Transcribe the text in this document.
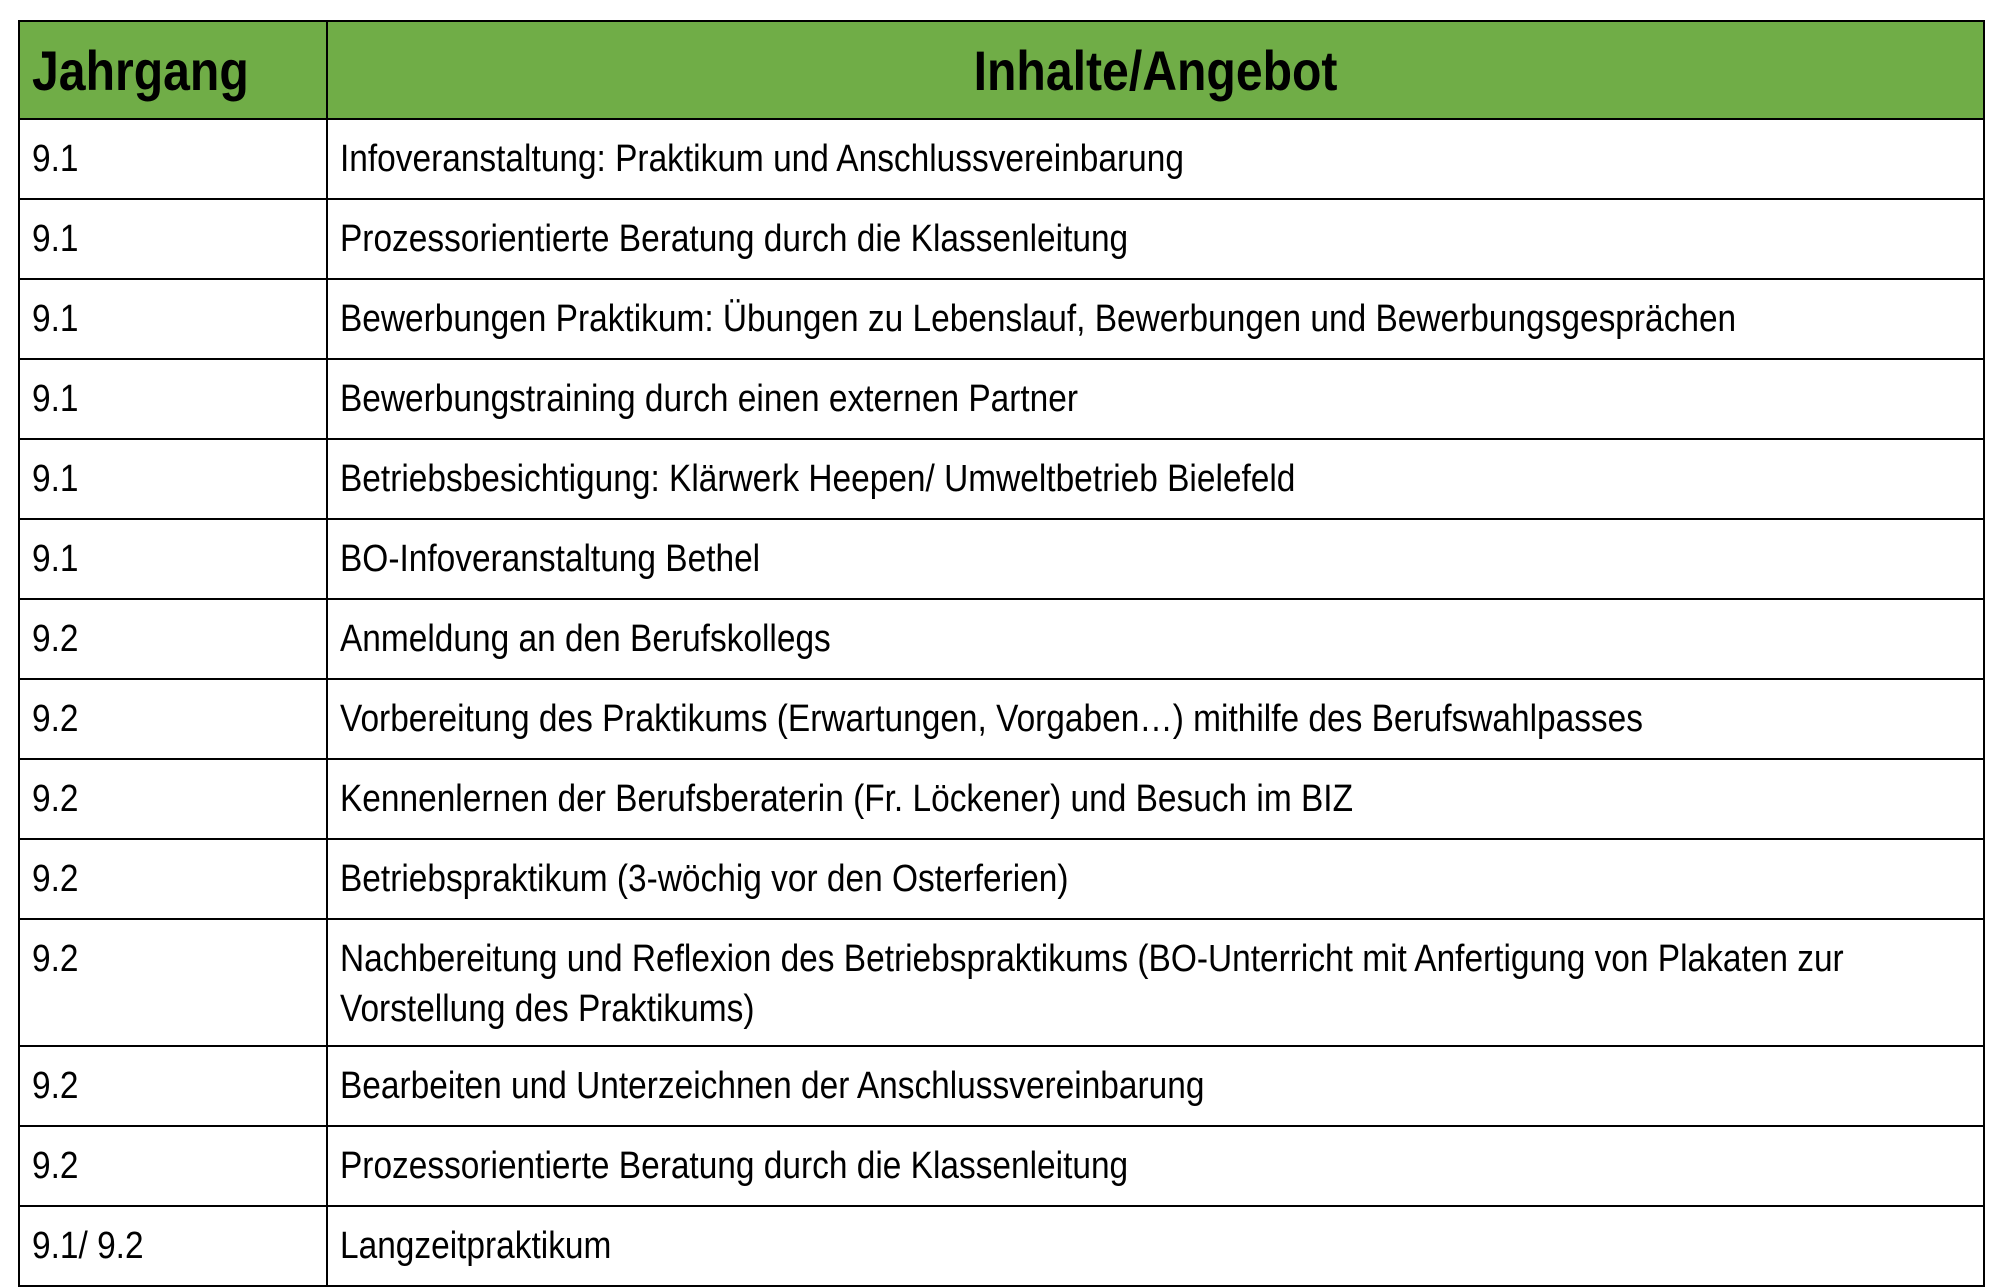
Jahrgang	Inhalte/Angebot
9.1	Infoveranstaltung: Praktikum und Anschlussvereinbarung
9.1	Prozessorientierte Beratung durch die Klassenleitung
9.1	Bewerbungen Praktikum: Übungen zu Lebenslauf, Bewerbungen und Bewerbungsgesprächen
9.1	Bewerbungstraining durch einen externen Partner
9.1	Betriebsbesichtigung: Klärwerk Heepen/ Umweltbetrieb Bielefeld
9.1	BO-Infoveranstaltung Bethel
9.2	Anmeldung an den Berufskollegs
9.2	Vorbereitung des Praktikums (Erwartungen, Vorgaben…) mithilfe des Berufswahlpasses
9.2	Kennenlernen der Berufsberaterin (Fr. Löckener) und Besuch im BIZ
9.2	Betriebspraktikum (3-wöchig vor den Osterferien)
9.2	Nachbereitung und Reflexion des Betriebspraktikums (BO-Unterricht mit Anfertigung von Plakaten zur Vorstellung des Praktikums)
9.2	Bearbeiten und Unterzeichnen der Anschlussvereinbarung
9.2	Prozessorientierte Beratung durch die Klassenleitung
9.1/ 9.2	Langzeitpraktikum
